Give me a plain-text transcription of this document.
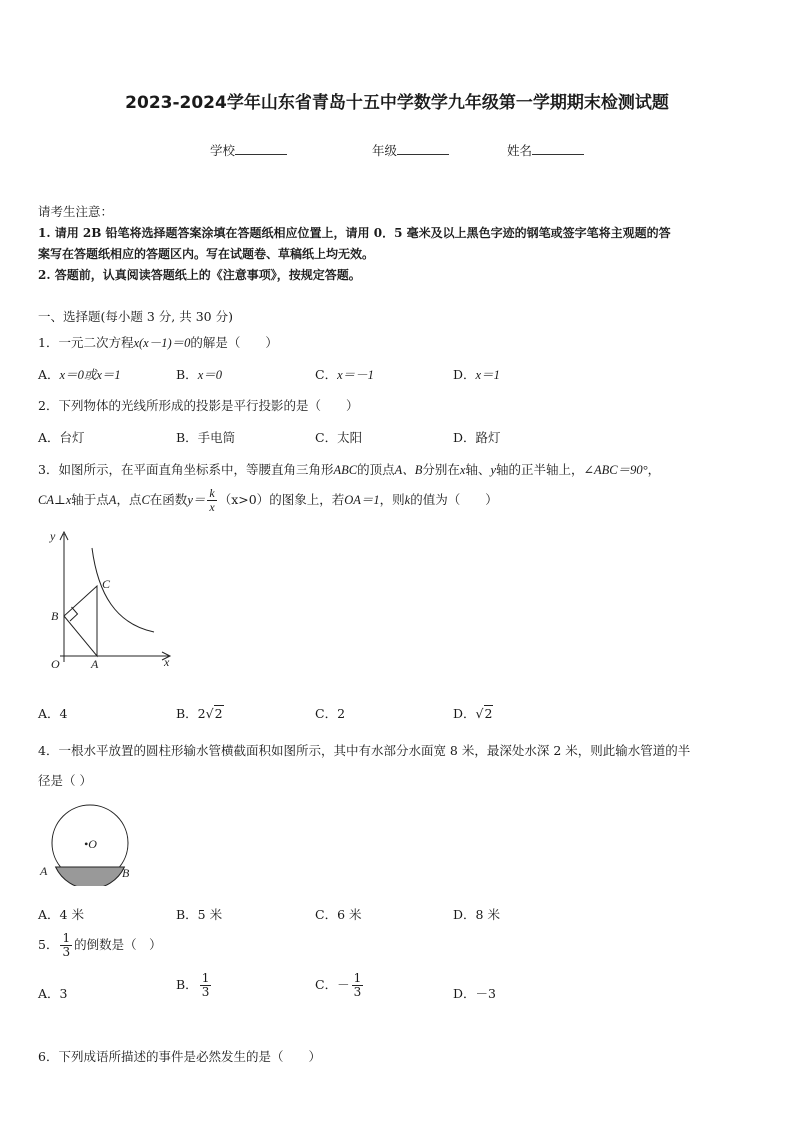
2023-2024学年山东省青岛十五中学数学九年级第一学期期末检测试题
学校	年级	姓名
请考生注意：
1. 请用 2B 铅笔将选择题答案涂填在答题纸相应位置上，请用 0．5 毫米及以上黑色字迹的钢笔或签字笔将主观题的答
案写在答题纸相应的答题区内。写在试题卷、草稿纸上均无效。
2. 答题前，认真阅读答题纸上的《注意事项》，按规定答题。
一、选择题(每小题 3 分, 共 30 分)
1．一元二次方程x(x－1)＝0的解是（　　）
A．x＝0或x＝1	B．x＝0	C．x＝－1	D．x＝1
2．下列物体的光线所形成的投影是平行投影的是（　　）
A．台灯	B．手电筒	C．太阳	D．路灯
3．如图所示，在平面直角坐标系中，等腰直角三角形ABC的顶点A、B分别在x轴、y轴的正半轴上，∠ABC＝90°，
CA⊥x轴于点A，点C在函数$y= \frac{k}{x} (x>0)$的图象上，若OA＝1，则k的值为（　　）
y
x
O	A
B
C
A．4	B．2√2	C．2	D．√2
4．一根水平放置的圆柱形输水管横截面积如图所示，其中有水部分水面宽 8 米，最深处水深 2 米，则此输水管道的半
径是（ ）
•O
A	B
A．4 米	B．5 米	C．6 米	D．8 米
5． $\frac{1}{3}$ 的倒数是（　）
A．3
B． $\frac{1}{3}$	C．－ $\frac{1}{3}$	D．－3
6．下列成语所描述的事件是必然发生的是（　　）
